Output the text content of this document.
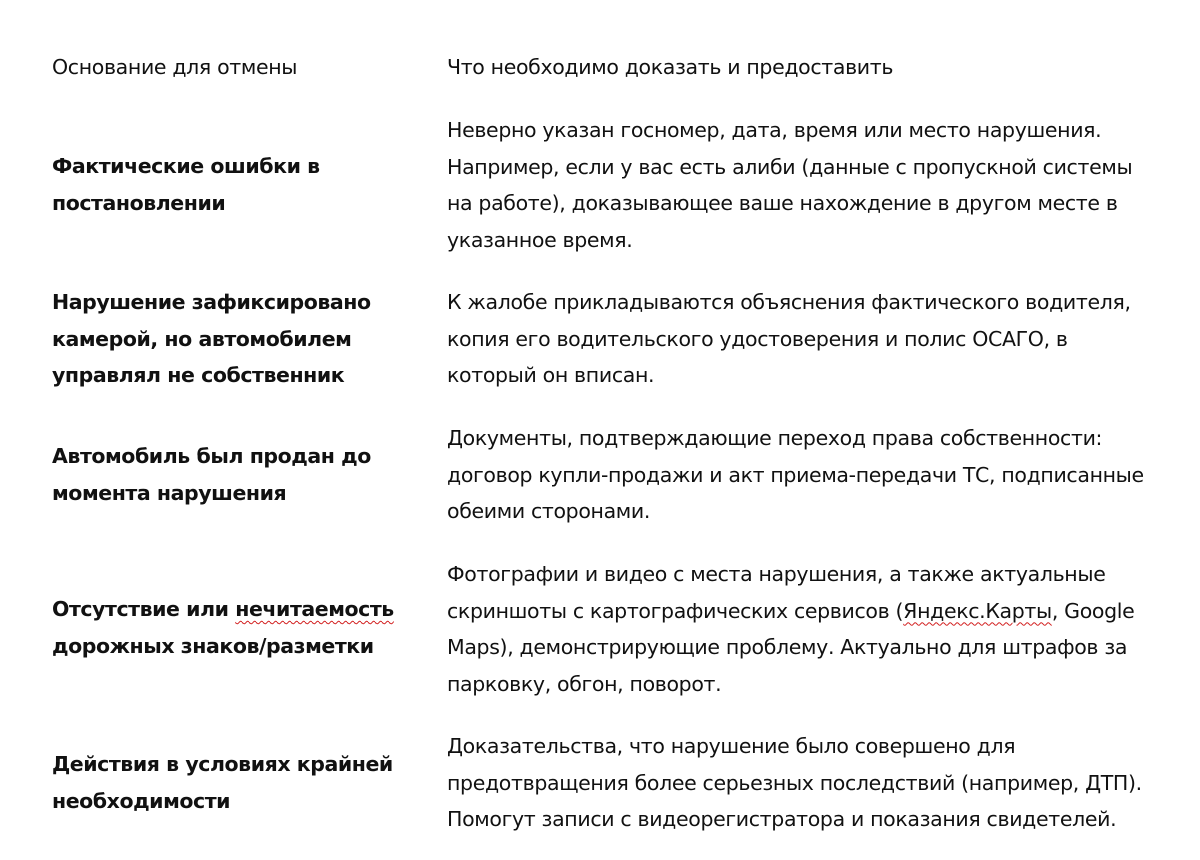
Основание для отмены	Что необходимо доказать и предоставить
Фактические ошибки в
постановлении
Неверно указан госномер, дата, время или место нарушения.
Например, если у вас есть алиби (данные с пропускной системы
на работе), доказывающее ваше нахождение в другом месте в
указанное время.
Нарушение зафиксировано
камерой, но автомобилем
управлял не собственник
К жалобе прикладываются объяснения фактического водителя,
копия его водительского удостоверения и полис ОСАГО, в
который он вписан.
Автомобиль был продан до
момента нарушения
Документы, подтверждающие переход права собственности:
договор купли-продажи и акт приема-передачи ТС, подписанные
обеими сторонами.
Отсутствие или нечитаемость
дорожных знаков/разметки
Фотографии и видео с места нарушения, а также актуальные
скриншоты с картографических сервисов (Яндекс.Карты, Google
Maps), демонстрирующие проблему. Актуально для штрафов за
парковку, обгон, поворот.
Действия в условиях крайней
необходимости
Доказательства, что нарушение было совершено для
предотвращения более серьезных последствий (например, ДТП).
Помогут записи с видеорегистратора и показания свидетелей.
